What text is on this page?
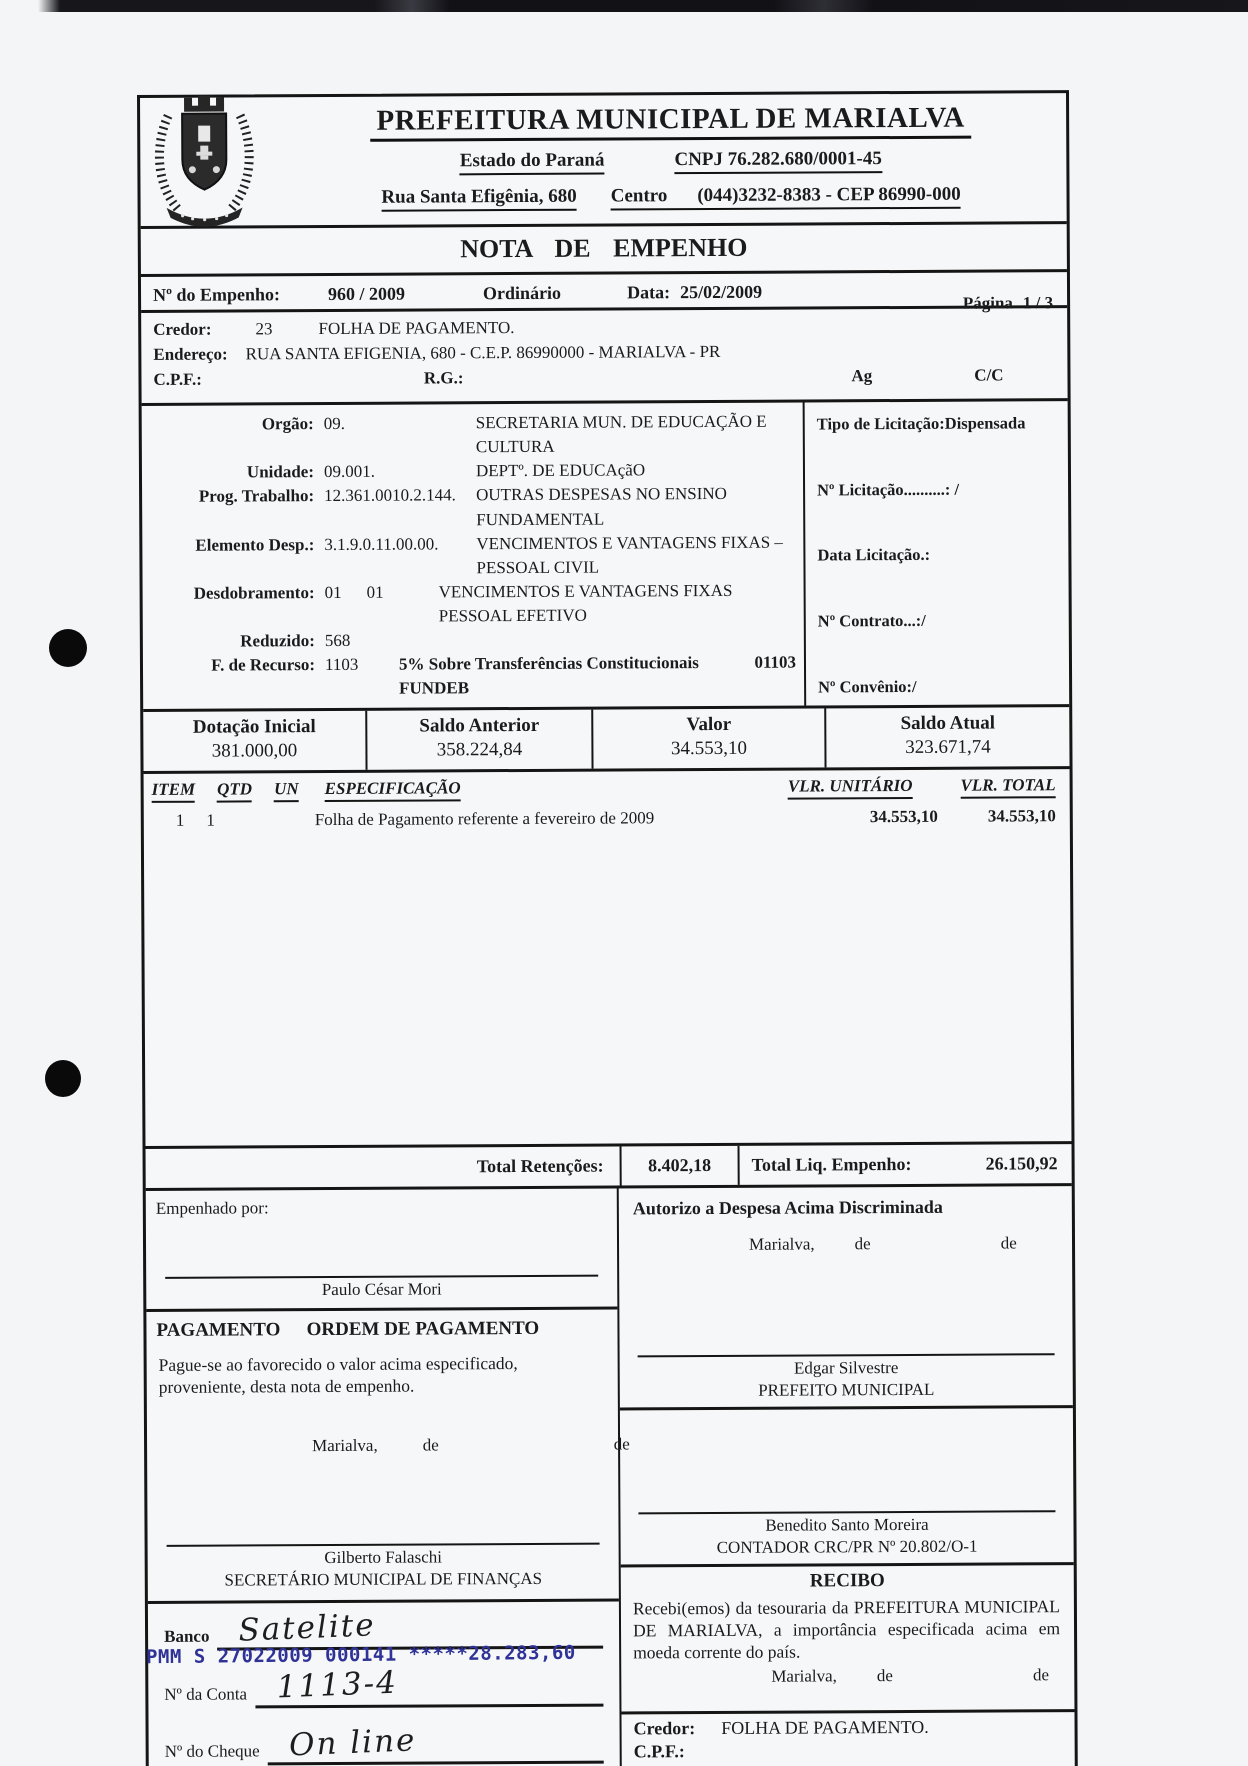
PREFEITURA MUNICIPAL DE MARIALVA
Estado do Paraná	CNPJ 76.282.680/0001-45
Rua Santa Efigênia, 680 Centro (044)3232-8383 - CEP 86990-000
NOTA DE EMPENHO
Nº do Empenho:	960 / 2009	Ordinário	Data: 25/02/2009
Página 1 / 3
Credor:	23	FOLHA DE PAGAMENTO.
Endereço: RUA SANTA EFIGENIA, 680 - C.E.P. 86990000 - MARIALVA - PR
C.P.F.:	R.G.:	Ag	C/C
Orgão: 09.	SECRETARIA MUN. DE EDUCAÇÃO E CULTURA
Unidade: 09.001.	DEPTº. DE EDUCAçãO
Prog. Trabalho: 12.361.0010.2.144.	OUTRAS DESPESAS NO ENSINO FUNDAMENTAL
Elemento Desp.: 3.1.9.0.11.00.00.	VENCIMENTOS E VANTAGENS FIXAS – PESSOAL CIVIL
Desdobramento: 01	01	VENCIMENTOS E VANTAGENS FIXAS PESSOAL EFETIVO
Reduzido: 568
F. de Recurso: 1103	5% Sobre Transferências Constitucionais FUNDEB
01103
Tipo de Licitação:Dispensada
Nº Licitação..........: /
Data Licitação.:
Nº Contrato...:/
Nº Convênio:/
Dotação Inicial
381.000,00
Saldo Anterior
358.224,84
Valor
34.553,10
Saldo Atual
323.671,74
ITEM QTD UN ESPECIFICAÇÃO	VLR. UNITÁRIO	VLR. TOTAL
1 1	Folha de Pagamento referente a fevereiro de 2009	34.553,10	34.553,10
Total Retenções:	8.402,18	Total Liq. Empenho:	26.150,92
Empenhado por:
Paulo César Mori
PAGAMENTO ORDEM DE PAGAMENTO
Pague-se ao favorecido o valor acima especificado, proveniente, desta nota de empenho.
Marialva,	de	de
Gilberto Falaschi
SECRETÁRIO MUNICIPAL DE FINANÇAS
Banco Satelite
Nº da Conta 1113-4
Nº do Cheque On line
Autorizo a Despesa Acima Discriminada
Marialva, de	de
Edgar Silvestre
PREFEITO MUNICIPAL
Benedito Santo Moreira
CONTADOR CRC/PR Nº 20.802/O-1
RECIBO
Recebi(emos) da tesouraria da PREFEITURA MUNICIPAL DE MARIALVA, a importância especificada acima em moeda corrente do país.
Marialva, de	de
Credor: FOLHA DE PAGAMENTO.
C.P.F.:
PMM S 27022009 000141 *****28.283,60
